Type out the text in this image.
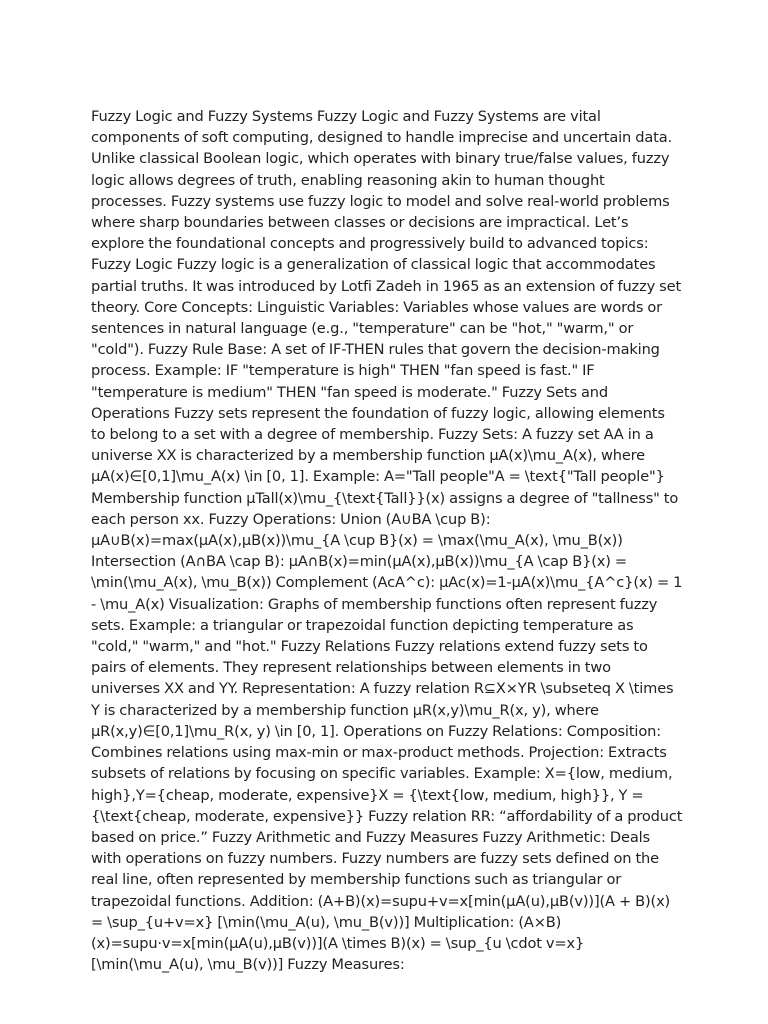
Fuzzy Logic and Fuzzy Systems Fuzzy Logic and Fuzzy Systems are vital components of soft computing, designed to handle imprecise and uncertain data. Unlike classical Boolean logic, which operates with binary true/false values, fuzzy logic allows degrees of truth, enabling reasoning akin to human thought processes. Fuzzy systems use fuzzy logic to model and solve real-world problems where sharp boundaries between classes or decisions are impractical. Let’s explore the foundational concepts and progressively build to advanced topics: Fuzzy Logic Fuzzy logic is a generalization of classical logic that accommodates partial truths. It was introduced by Lotfi Zadeh in 1965 as an extension of fuzzy set theory. Core Concepts: Linguistic Variables: Variables whose values are words or sentences in natural language (e.g., "temperature" can be "hot," "warm," or "cold"). Fuzzy Rule Base: A set of IF-THEN rules that govern the decision-making process. Example: IF "temperature is high" THEN "fan speed is fast." IF "temperature is medium" THEN "fan speed is moderate." Fuzzy Sets and Operations Fuzzy sets represent the foundation of fuzzy logic, allowing elements to belong to a set with a degree of membership. Fuzzy Sets: A fuzzy set AA in a universe XX is characterized by a membership function μA(x)\mu_A(x), where μA(x)∈[0,1]\mu_A(x) \in [0, 1]. Example: A="Tall people"A = \text{"Tall people"} Membership function μTall(x)\mu_{\text{Tall}}(x) assigns a degree of "tallness" to each person xx. Fuzzy Operations: Union (A∪BA \cup B): μA∪B(x)=max(μA(x),μB(x))\mu_{A \cup B}(x) = \max(\mu_A(x), \mu_B(x)) Intersection (A∩BA \cap B): μA∩B(x)=min(μA(x),μB(x))\mu_{A \cap B}(x) = \min(\mu_A(x), \mu_B(x)) Complement (AcA^c): μAc(x)=1-μA(x)\mu_{A^c}(x) = 1 - \mu_A(x) Visualization: Graphs of membership functions often represent fuzzy sets. Example: a triangular or trapezoidal function depicting temperature as "cold," "warm," and "hot." Fuzzy Relations Fuzzy relations extend fuzzy sets to pairs of elements. They represent relationships between elements in two universes XX and YY. Representation: A fuzzy relation R⊆X×YR \subseteq X \times Y is characterized by a membership function μR(x,y)\mu_R(x, y), where μR(x,y)∈[0,1]\mu_R(x, y) \in [0, 1]. Operations on Fuzzy Relations: Composition: Combines relations using max-min or max-product methods. Projection: Extracts subsets of relations by focusing on specific variables. Example: X={low, medium, high},Y={cheap, moderate, expensive}X = {\text{low, medium, high}}, Y = {\text{cheap, moderate, expensive}} Fuzzy relation RR: “affordability of a product based on price.” Fuzzy Arithmetic and Fuzzy Measures Fuzzy Arithmetic: Deals with operations on fuzzy numbers. Fuzzy numbers are fuzzy sets defined on the real line, often represented by membership functions such as triangular or trapezoidal functions. Addition: (A+B)(x)=supu+v=x[min(μA(u),μB(v))](A + B)(x) = \sup_{u+v=x} [\min(\mu_A(u), \mu_B(v))] Multiplication: (A×B)(x)=supu·v=x[min(μA(u),μB(v))](A \times B)(x) = \sup_{u \cdot v=x} [\min(\mu_A(u), \mu_B(v))] Fuzzy Measures:
